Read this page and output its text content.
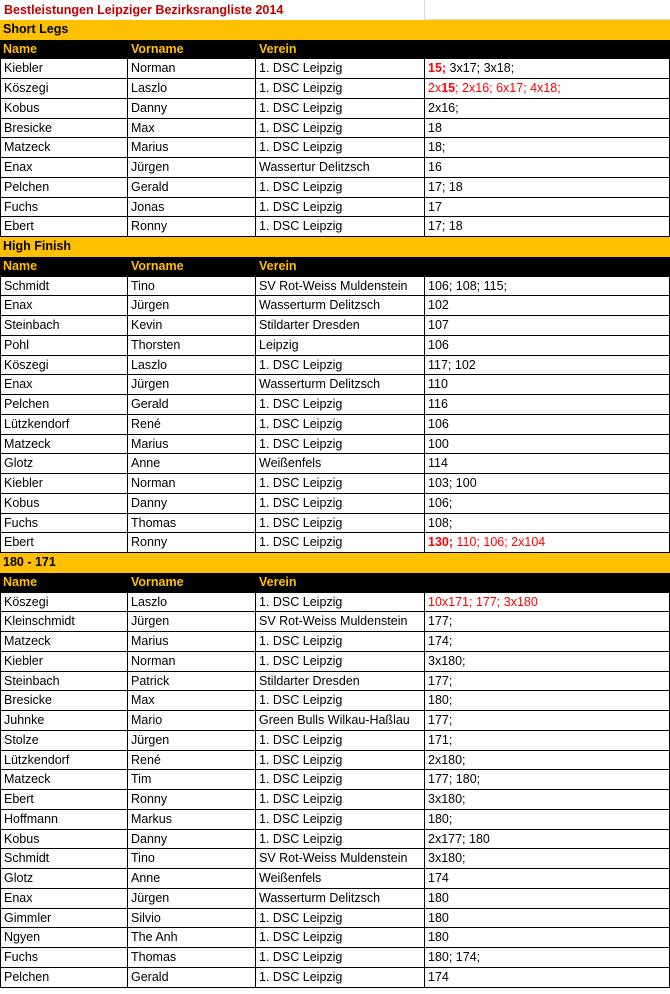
Bestleistungen Leipziger Bezirksrangliste 2014
Short Legs
Name	Vorname	Verein
Kiebler	Norman	1. DSC Leipzig	15; 3x17; 3x18;
Köszegi	Laszlo	1. DSC Leipzig	2x15; 2x16; 6x17; 4x18;
Kobus	Danny	1. DSC Leipzig	2x16;
Bresicke	Max	1. DSC Leipzig	18
Matzeck	Marius	1. DSC Leipzig	18;
Enax	Jürgen	Wassertur Delitzsch	16
Pelchen	Gerald	1. DSC Leipzig	17; 18
Fuchs	Jonas	1. DSC Leipzig	17
Ebert	Ronny	1. DSC Leipzig	17; 18
High Finish
Name	Vorname	Verein
Schmidt	Tino	SV Rot-Weiss Muldenstein	106; 108; 115;
Enax	Jürgen	Wasserturm Delitzsch	102
Steinbach	Kevin	Stildarter Dresden	107
Pohl	Thorsten	Leipzig	106
Köszegi	Laszlo	1. DSC Leipzig	117; 102
Enax	Jürgen	Wasserturm Delitzsch	110
Pelchen	Gerald	1. DSC Leipzig	116
Lützkendorf	René	1. DSC Leipzig	106
Matzeck	Marius	1. DSC Leipzig	100
Glotz	Anne	Weißenfels	114
Kiebler	Norman	1. DSC Leipzig	103; 100
Kobus	Danny	1. DSC Leipzig	106;
Fuchs	Thomas	1. DSC Leipzig	108;
Ebert	Ronny	1. DSC Leipzig	130; 110; 106; 2x104
180 - 171
Name	Vorname	Verein
Köszegi	Laszlo	1. DSC Leipzig	10x171; 177; 3x180
Kleinschmidt	Jürgen	SV Rot-Weiss Muldenstein	177;
Matzeck	Marius	1. DSC Leipzig	174;
Kiebler	Norman	1. DSC Leipzig	3x180;
Steinbach	Patrick	Stildarter Dresden	177;
Bresicke	Max	1. DSC Leipzig	180;
Juhnke	Mario	Green Bulls Wilkau-Haßlau	177;
Stolze	Jürgen	1. DSC Leipzig	171;
Lützkendorf	René	1. DSC Leipzig	2x180;
Matzeck	Tim	1. DSC Leipzig	177; 180;
Ebert	Ronny	1. DSC Leipzig	3x180;
Hoffmann	Markus	1. DSC Leipzig	180;
Kobus	Danny	1. DSC Leipzig	2x177; 180
Schmidt	Tino	SV Rot-Weiss Muldenstein	3x180;
Glotz	Anne	Weißenfels	174
Enax	Jürgen	Wasserturm Delitzsch	180
Gimmler	Silvio	1. DSC Leipzig	180
Ngyen	The Anh	1. DSC Leipzig	180
Fuchs	Thomas	1. DSC Leipzig	180; 174;
Pelchen	Gerald	1. DSC Leipzig	174
